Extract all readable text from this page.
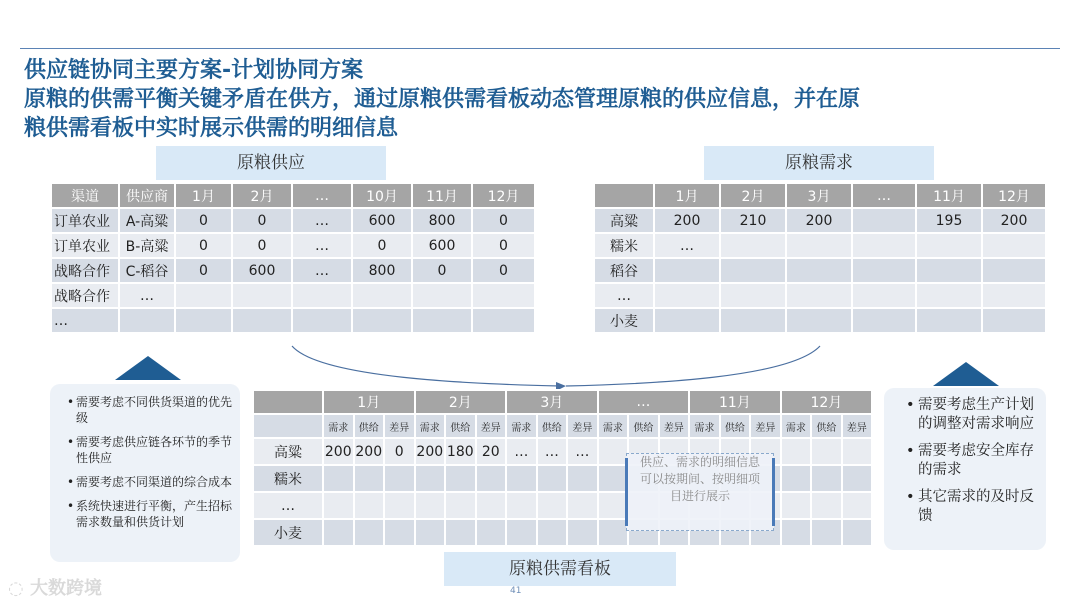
供应链协同主要方案-计划协同方案
原粮的供需平衡关键矛盾在供方，通过原粮供需看板动态管理原粮的供应信息，并在原
粮供需看板中实时展示供需的明细信息
原粮供应
渠道	供应商	1月	2月	…	10月	11月	12月
订单农业	A-高粱	0	0	…	600	800	0
订单农业	B-高粱	0	0	…	0	600	0
战略合作	C-稻谷	0	600	…	800	0	0
战略合作	…						
…							
原粮需求
	1月	2月	3月	…	11月	12月
高粱	200	210	200		195	200
糯米	…					
稻谷						
…						
小麦						
• 需要考虑不同供货渠道的优先级
• 需要考虑供应链各环节的季节性供应
• 需要考虑不同渠道的综合成本
• 系统快速进行平衡，产生招标需求数量和供货计划
• 需要考虑生产计划的调整对需求响应
• 需要考虑安全库存的需求
• 其它需求的及时反馈
	1月			2月			3月			…			11月			12月		
	需求	供给	差异	需求	供给	差异	需求	供给	差异	需求	供给	差异	需求	供给	差异	需求	供给	差异
高粱	200	200	0	200	180	20	…	…	…									
糯米																		
…																		
小麦																		
供应、需求的明细信息可以按期间、按明细项目进行展示
原粮供需看板
41
◌ 大数跨境
